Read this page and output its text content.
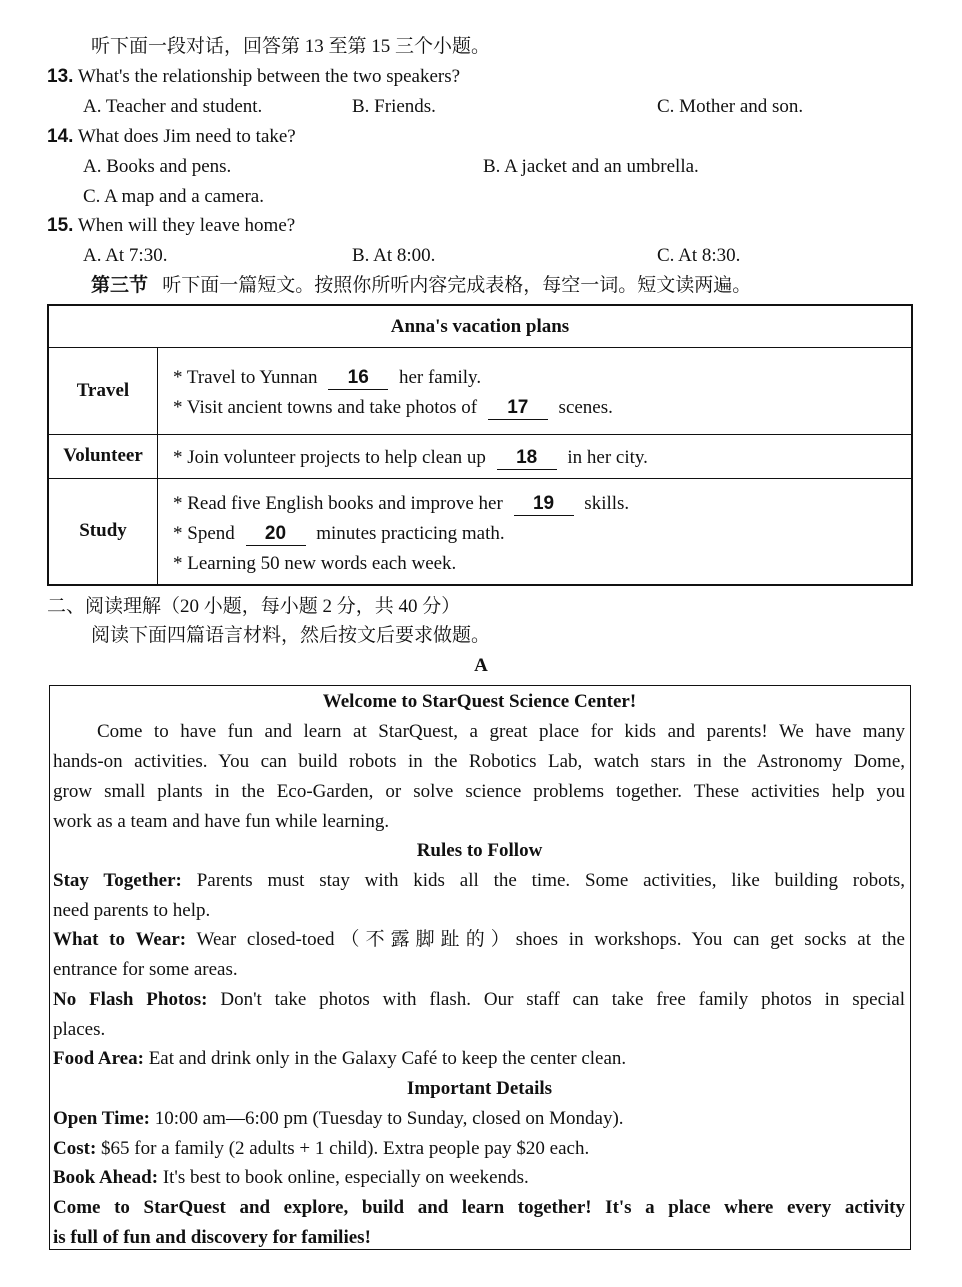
听下面一段对话，回答第 13 至第 15 三个小题。
13. What's the relationship between the two speakers?
A. Teacher and student.	B. Friends.	C. Mother and son.
14. What does Jim need to take?
A. Books and pens.	B. A jacket and an umbrella.
C. A map and a camera.
15. When will they leave home?
A. At 7:30.	B. At 8:00.	C. At 8:30.
第三节 听下面一篇短文。按照你所听内容完成表格，每空一词。短文读两遍。
Anna's vacation plans
Travel
* Travel to Yunnan 16 her family.
* Visit ancient towns and take photos of 17 scenes.
Volunteer	* Join volunteer projects to help clean up 18 in her city.
Study
* Read five English books and improve her 19 skills.
* Spend 20 minutes practicing math.
* Learning 50 new words each week.
二、阅读理解（20 小题，每小题 2 分，共 40 分）
阅读下面四篇语言材料，然后按文后要求做题。
A
Welcome to StarQuest Science Center!
Come to have fun and learn at StarQuest, a great place for kids and parents! We have many
hands-on activities. You can build robots in the Robotics Lab, watch stars in the Astronomy Dome,
grow small plants in the Eco-Garden, or solve science problems together. These activities help you
work as a team and have fun while learning.
Rules to Follow
Stay Together: Parents must stay with kids all the time. Some activities, like building robots,
need parents to help.
What to Wear: Wear closed-toed（不露脚趾的）shoes in workshops. You can get socks at the
entrance for some areas.
No Flash Photos: Don't take photos with flash. Our staff can take free family photos in special
places.
Food Area: Eat and drink only in the Galaxy Café to keep the center clean.
Important Details
Open Time: 10:00 am—6:00 pm (Tuesday to Sunday, closed on Monday).
Cost: $65 for a family (2 adults + 1 child). Extra people pay $20 each.
Book Ahead: It's best to book online, especially on weekends.
Come to StarQuest and explore, build and learn together! It's a place where every activity
is full of fun and discovery for families!
